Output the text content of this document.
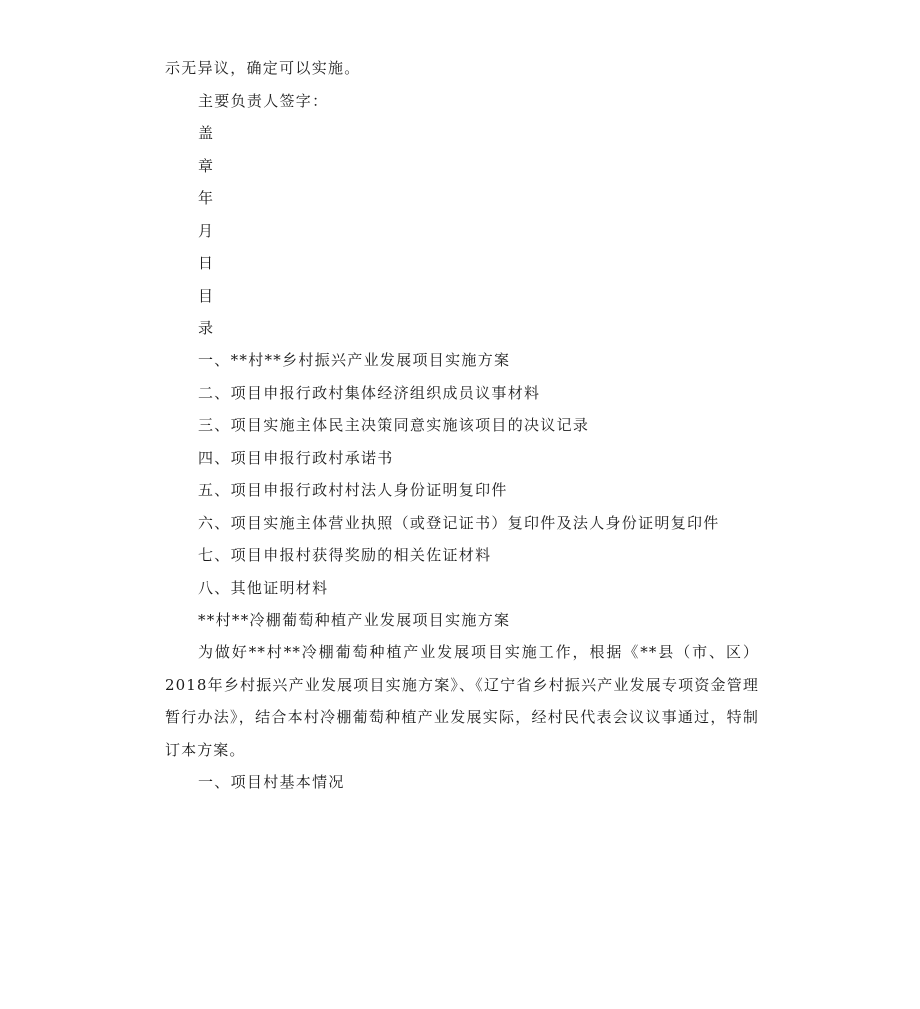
示无异议，确定可以实施。
主要负责人签字：
盖
章
年
月
日
目
录
一、**村**乡村振兴产业发展项目实施方案
二、项目申报行政村集体经济组织成员议事材料
三、项目实施主体民主决策同意实施该项目的决议记录
四、项目申报行政村承诺书
五、项目申报行政村村法人身份证明复印件
六、项目实施主体营业执照（或登记证书）复印件及法人身份证明复印件
七、项目申报村获得奖励的相关佐证材料
八、其他证明材料
**村**冷棚葡萄种植产业发展项目实施方案
为做好**村**冷棚葡萄种植产业发展项目实施工作，根据《**县（市、区）2018年乡村振兴产业发展项目实施方案》、《辽宁省乡村振兴产业发展专项资金管理暂行办法》，结合本村冷棚葡萄种植产业发展实际，经村民代表会议议事通过，特制订本方案。
一、项目村基本情况
